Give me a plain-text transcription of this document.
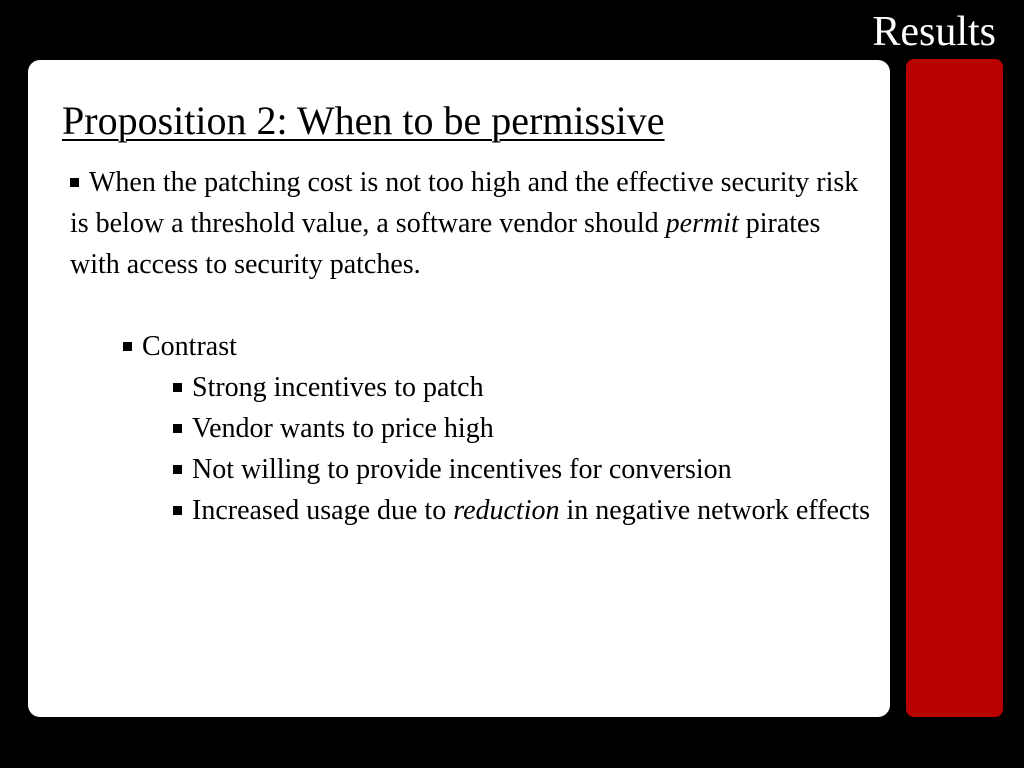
Results
Proposition 2: When to be permissive

When the patching cost is not too high and the effective security risk is below a threshold value, a software vendor should permit pirates with access to security patches.

Contrast

Strong incentives to patch

Vendor wants to price high

Not willing to provide incentives for conversion

Increased usage due to reduction in negative network effects
